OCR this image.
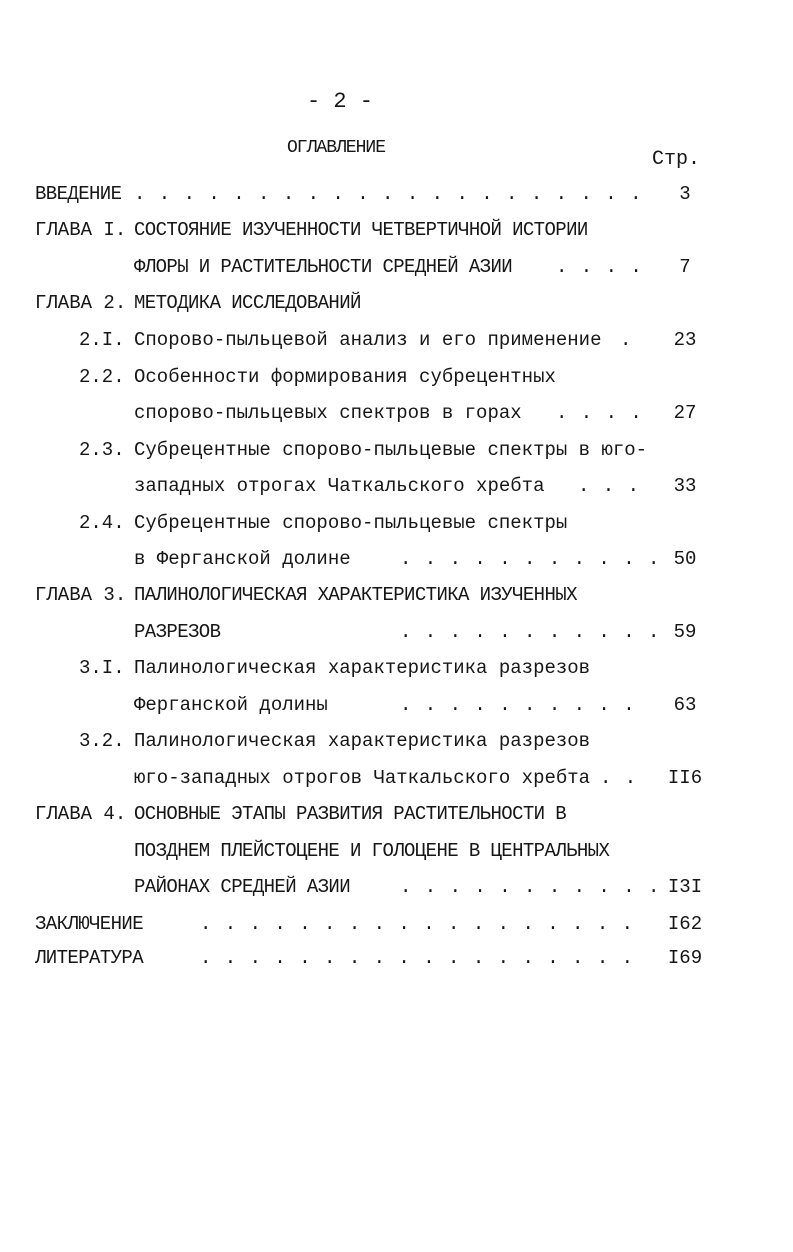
- 2 -
ОГЛАВЛЕНИЕ	Стр.
ВВЕДЕНИЕ . . . . . . . . . . . . . . . . . . . . .	3
ГЛАВА I. СОСТОЯНИЕ ИЗУЧЕННОСТИ ЧЕТВЕРТИЧНОЙ ИСТОРИИ
ФЛОРЫ И РАСТИТЕЛЬНОСТИ СРЕДНЕЙ АЗИИ . . . .	7
ГЛАВА 2. МЕТОДИКА ИССЛЕДОВАНИЙ
2.I. Спорово-пыльцевой анализ и его применение .	23
2.2. Особенности формирования субрецентных
спорово-пыльцевых спектров в горах . . . .	27
2.3. Субрецентные спорово-пыльцевые спектры в юго-
западных отрогах Чаткальского хребта . . .	33
2.4. Субрецентные спорово-пыльцевые спектры
в Ферганской долине	. . . . . . . . . . . 50
ГЛАВА 3. ПАЛИНОЛОГИЧЕСКАЯ ХАРАКТЕРИСТИКА ИЗУЧЕННЫХ
РАЗРЕЗОВ	. . . . . . . . . . . 59
3.I. Палинологическая характеристика разрезов
Ферганской долины	. . . . . . . . . .	63
3.2. Палинологическая характеристика разрезов
юго-западных отрогов Чаткальского хребта . .	II6
ГЛАВА 4. ОСНОВНЫЕ ЭТАПЫ РАЗВИТИЯ РАСТИТЕЛЬНОСТИ В
ПОЗДНЕМ ПЛЕЙСТОЦЕНЕ И ГОЛОЦЕНЕ В ЦЕНТРАЛЬНЫХ
РАЙОНАХ СРЕДНЕЙ АЗИИ	. . . . . . . . . . . I3I
ЗАКЛЮЧЕНИЕ	. . . . . . . . . . . . . . . . . .	I62
ЛИТЕРАТУРА	. . . . . . . . . . . . . . . . . .	I69
